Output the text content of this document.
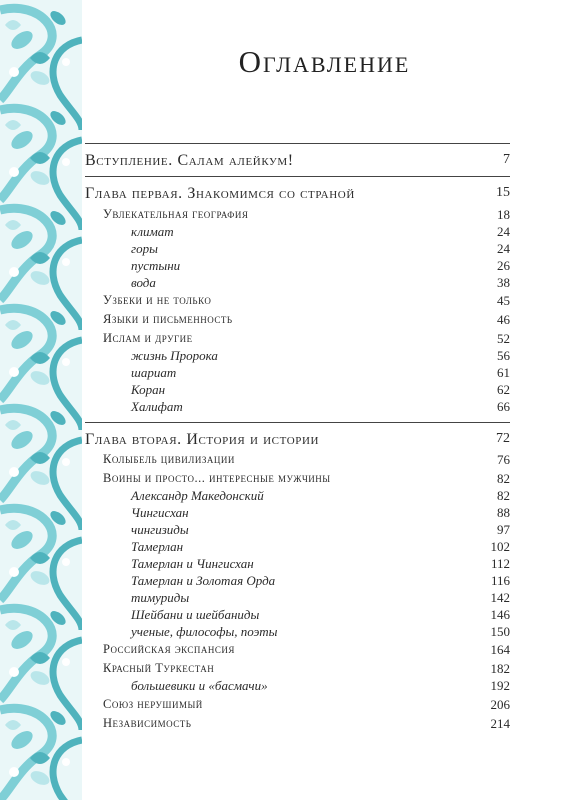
Оглавление
Вступление. Салам алейкум!	7
Глава первая. Знакомимся со страной	15
Увлекательная география	18
климат	24
горы	24
пустыни	26
вода	38
Узбеки и не только	45
Языки и письменность	46
Ислам и другие	52
жизнь Пророка	56
шариат	61
Коран	62
Халифат	66
Глава вторая. История и истории	72
Колыбель цивилизации	76
Воины и просто... интересные мужчины	82
Александр Македонский	82
Чингисхан	88
чингизиды	97
Тамерлан	102
Тамерлан и Чингисхан	112
Тамерлан и Золотая Орда	116
тимуриды	142
Шейбани и шейбаниды	146
ученые, философы, поэты	150
Российская экспансия	164
Красный Туркестан	182
большевики и «басмачи»	192
Союз нерушимый	206
Независимость	214
